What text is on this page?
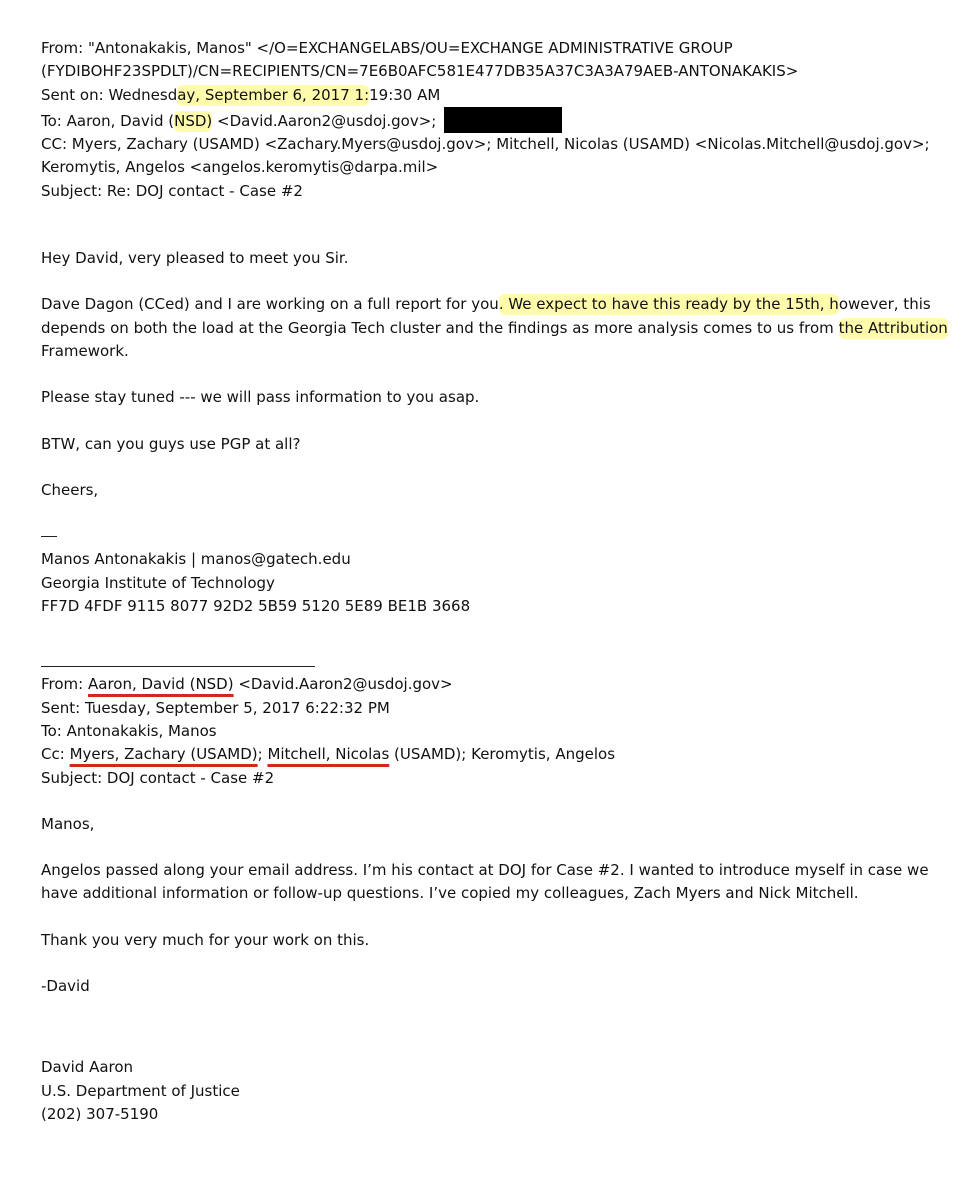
From: "Antonakakis, Manos" </O=EXCHANGELABS/OU=EXCHANGE ADMINISTRATIVE GROUP
(FYDIBOHF23SPDLT)/CN=RECIPIENTS/CN=7E6B0AFC581E477DB35A37C3A3A79AEB-ANTONAKAKIS>
Sent on: Wednesday, September 6, 2017 1:19:30 AM
To: Aaron, David (NSD) <David.Aaron2@usdoj.gov>;
CC: Myers, Zachary (USAMD) <Zachary.Myers@usdoj.gov>; Mitchell, Nicolas (USAMD) <Nicolas.Mitchell@usdoj.gov>;
Keromytis, Angelos <angelos.keromytis@darpa.mil>
Subject: Re: DOJ contact - Case #2
Hey David, very pleased to meet you Sir.
Dave Dagon (CCed) and I are working on a full report for you. We expect to have this ready by the 15th, however, this
depends on both the load at the Georgia Tech cluster and the findings as more analysis comes to us from the Attribution
Framework.
Please stay tuned --- we will pass information to you asap.
BTW, can you guys use PGP at all?
Cheers,
Manos Antonakakis | manos@gatech.edu
Georgia Institute of Technology
FF7D 4FDF 9115 8077 92D2 5B59 5120 5E89 BE1B 3668
From: Aaron, David (NSD) <David.Aaron2@usdoj.gov>
Sent: Tuesday, September 5, 2017 6:22:32 PM
To: Antonakakis, Manos
Cc: Myers, Zachary (USAMD); Mitchell, Nicolas (USAMD); Keromytis, Angelos
Subject: DOJ contact - Case #2
Manos,
Angelos passed along your email address. I’m his contact at DOJ for Case #2. I wanted to introduce myself in case we have additional information or follow-up questions. I’ve copied my colleagues, Zach Myers and Nick Mitchell.
Thank you very much for your work on this.
-David
David Aaron
U.S. Department of Justice
(202) 307-5190
